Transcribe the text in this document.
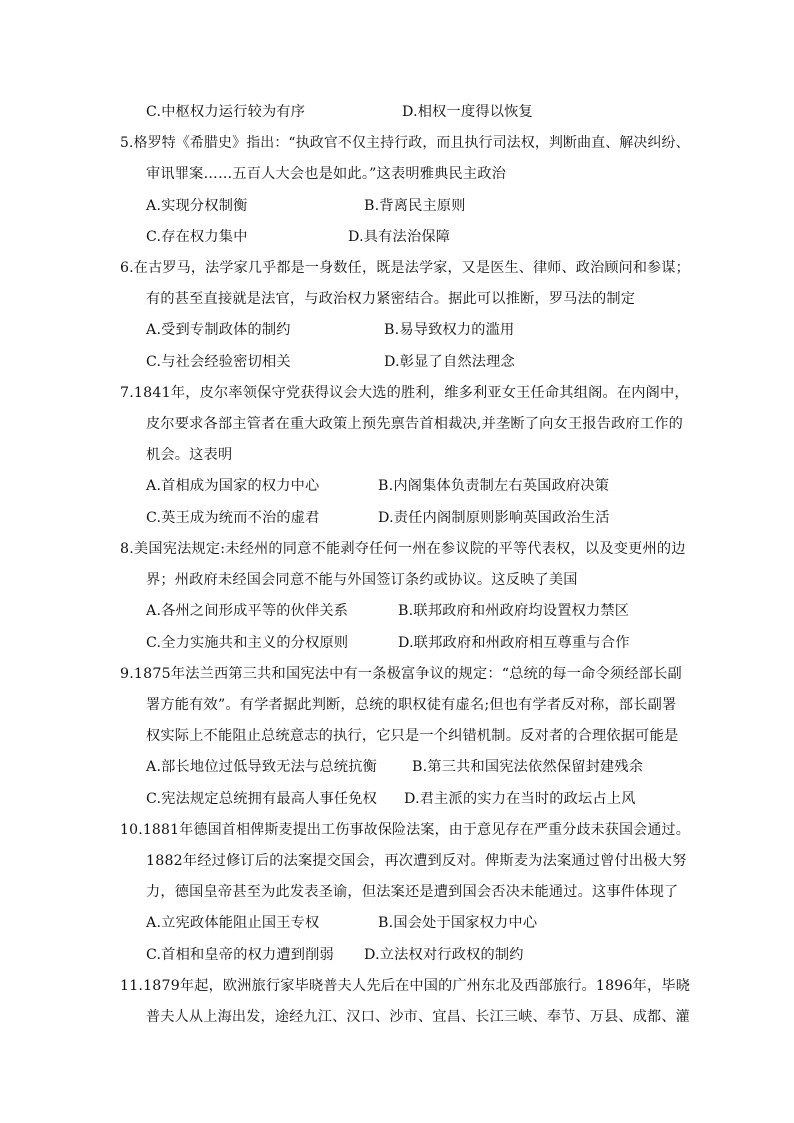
C.中枢权力运行较为有序	D.相权一度得以恢复
5.格罗特《希腊史》指出：“执政官不仅主持行政，而且执行司法权，判断曲直、解决纠纷、
审讯罪案……五百人大会也是如此。”这表明雅典民主政治
A.实现分权制衡	B.背离民主原则
C.存在权力集中	D.具有法治保障
6.在古罗马，法学家几乎都是一身数任，既是法学家，又是医生、律师、政治顾问和参谋；
有的甚至直接就是法官，与政治权力紧密结合。据此可以推断，罗马法的制定
A.受到专制政体的制约	B.易导致权力的滥用
C.与社会经验密切相关	D.彰显了自然法理念
7.1841年，皮尔率领保守党获得议会大选的胜利，维多利亚女王任命其组阁。在内阁中，
皮尔要求各部主管者在重大政策上预先禀告首相裁决,并垄断了向女王报告政府工作的
机会。这表明
A.首相成为国家的权力中心	B.内阁集体负责制左右英国政府决策
C.英王成为统而不治的虚君	D.责任内阁制原则影响英国政治生活
8.美国宪法规定:未经州的同意不能剥夺任何一州在参议院的平等代表权，以及变更州的边
界；州政府未经国会同意不能与外国签订条约或协议。这反映了美国
A.各州之间形成平等的伙伴关系	B.联邦政府和州政府均设置权力禁区
C.全力实施共和主义的分权原则	D.联邦政府和州政府相互尊重与合作
9.1875年法兰西第三共和国宪法中有一条极富争议的规定：“总统的每一命令须经部长副
署方能有效”。有学者据此判断，总统的职权徒有虚名;但也有学者反对称，部长副署
权实际上不能阻止总统意志的执行，它只是一个纠错机制。反对者的合理依据可能是
A.部长地位过低导致无法与总统抗衡 B.第三共和国宪法依然保留封建残余
C.宪法规定总统拥有最高人事任免权 D.君主派的实力在当时的政坛占上风
10.1881年德国首相俾斯麦提出工伤事故保险法案，由于意见存在严重分歧未获国会通过。
1882年经过修订后的法案提交国会，再次遭到反对。俾斯麦为法案通过曾付出极大努
力，德国皇帝甚至为此发表圣谕，但法案还是遭到国会否决未能通过。这事件体现了
A.立宪政体能阻止国王专权	B.国会处于国家权力中心
C.首相和皇帝的权力遭到削弱 D.立法权对行政权的制约
11.1879年起，欧洲旅行家毕晓普夫人先后在中国的广州东北及西部旅行。1896年，毕晓
普夫人从上海出发，途经九江、汉口、沙市、宜昌、长江三峡、奉节、万县、成都、灌
